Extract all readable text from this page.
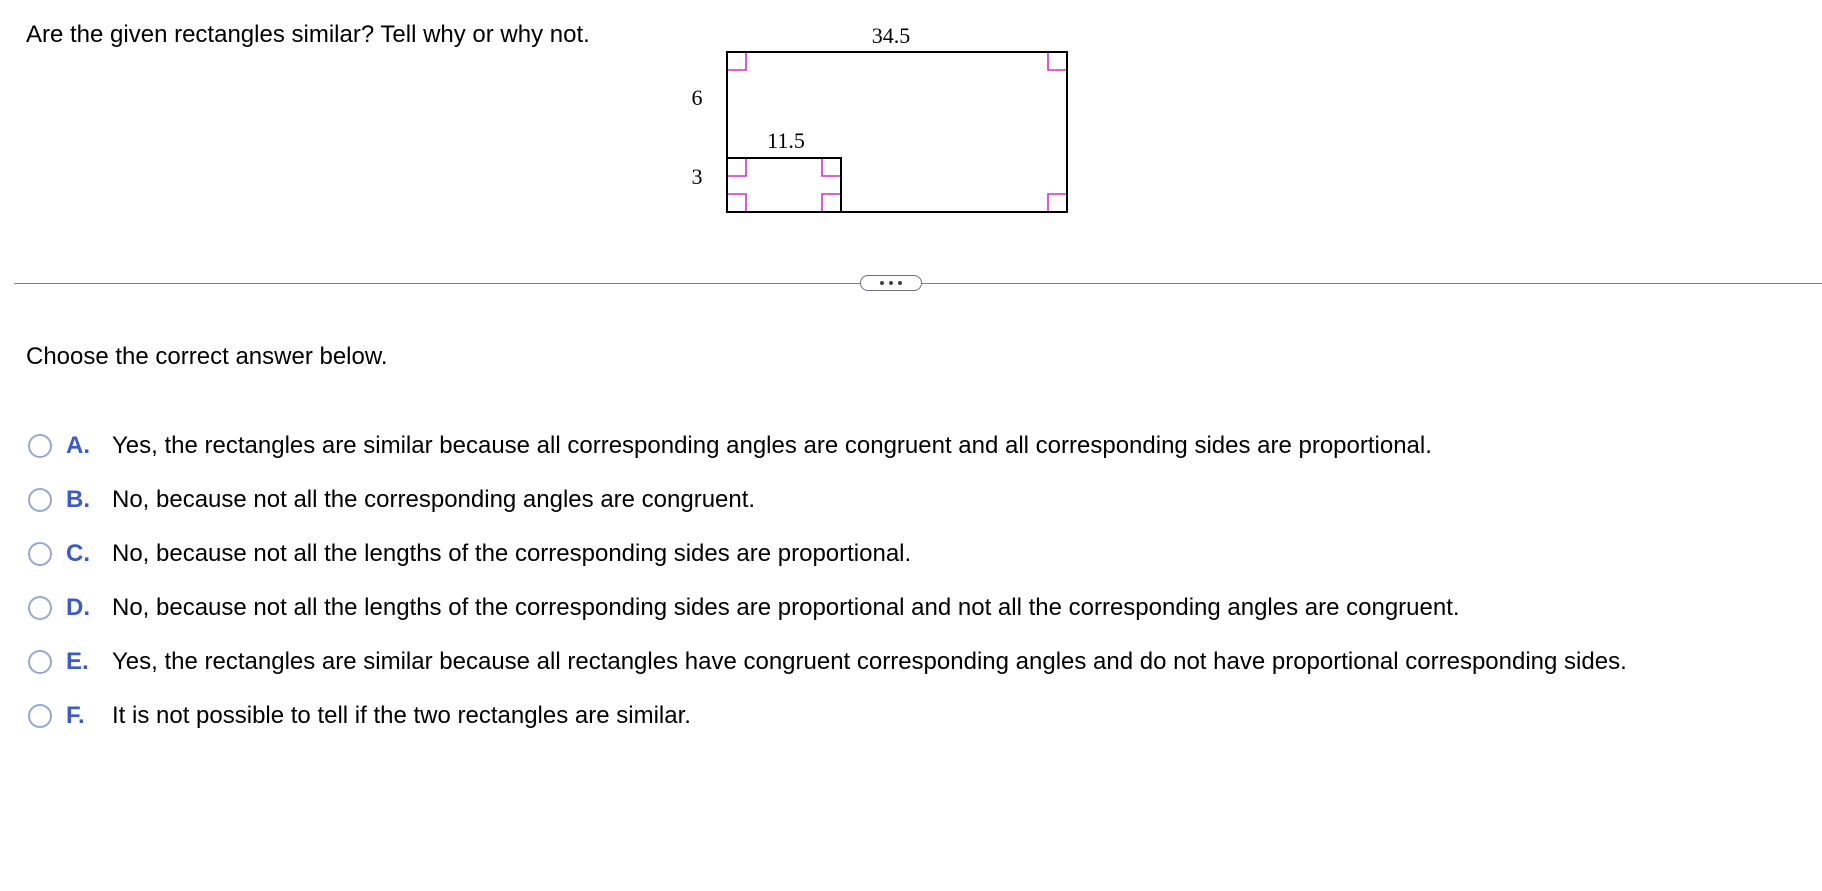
Are the given rectangles similar? Tell why or why not.	34.5
6
11.5
3
Choose the correct answer below.
A. Yes, the rectangles are similar because all corresponding angles are congruent and all corresponding sides are proportional.
B. No, because not all the corresponding angles are congruent.
C. No, because not all the lengths of the corresponding sides are proportional.
D. No, because not all the lengths of the corresponding sides are proportional and not all the corresponding angles are congruent.
E. Yes, the rectangles are similar because all rectangles have congruent corresponding angles and do not have proportional corresponding sides.
F.	It is not possible to tell if the two rectangles are similar.
